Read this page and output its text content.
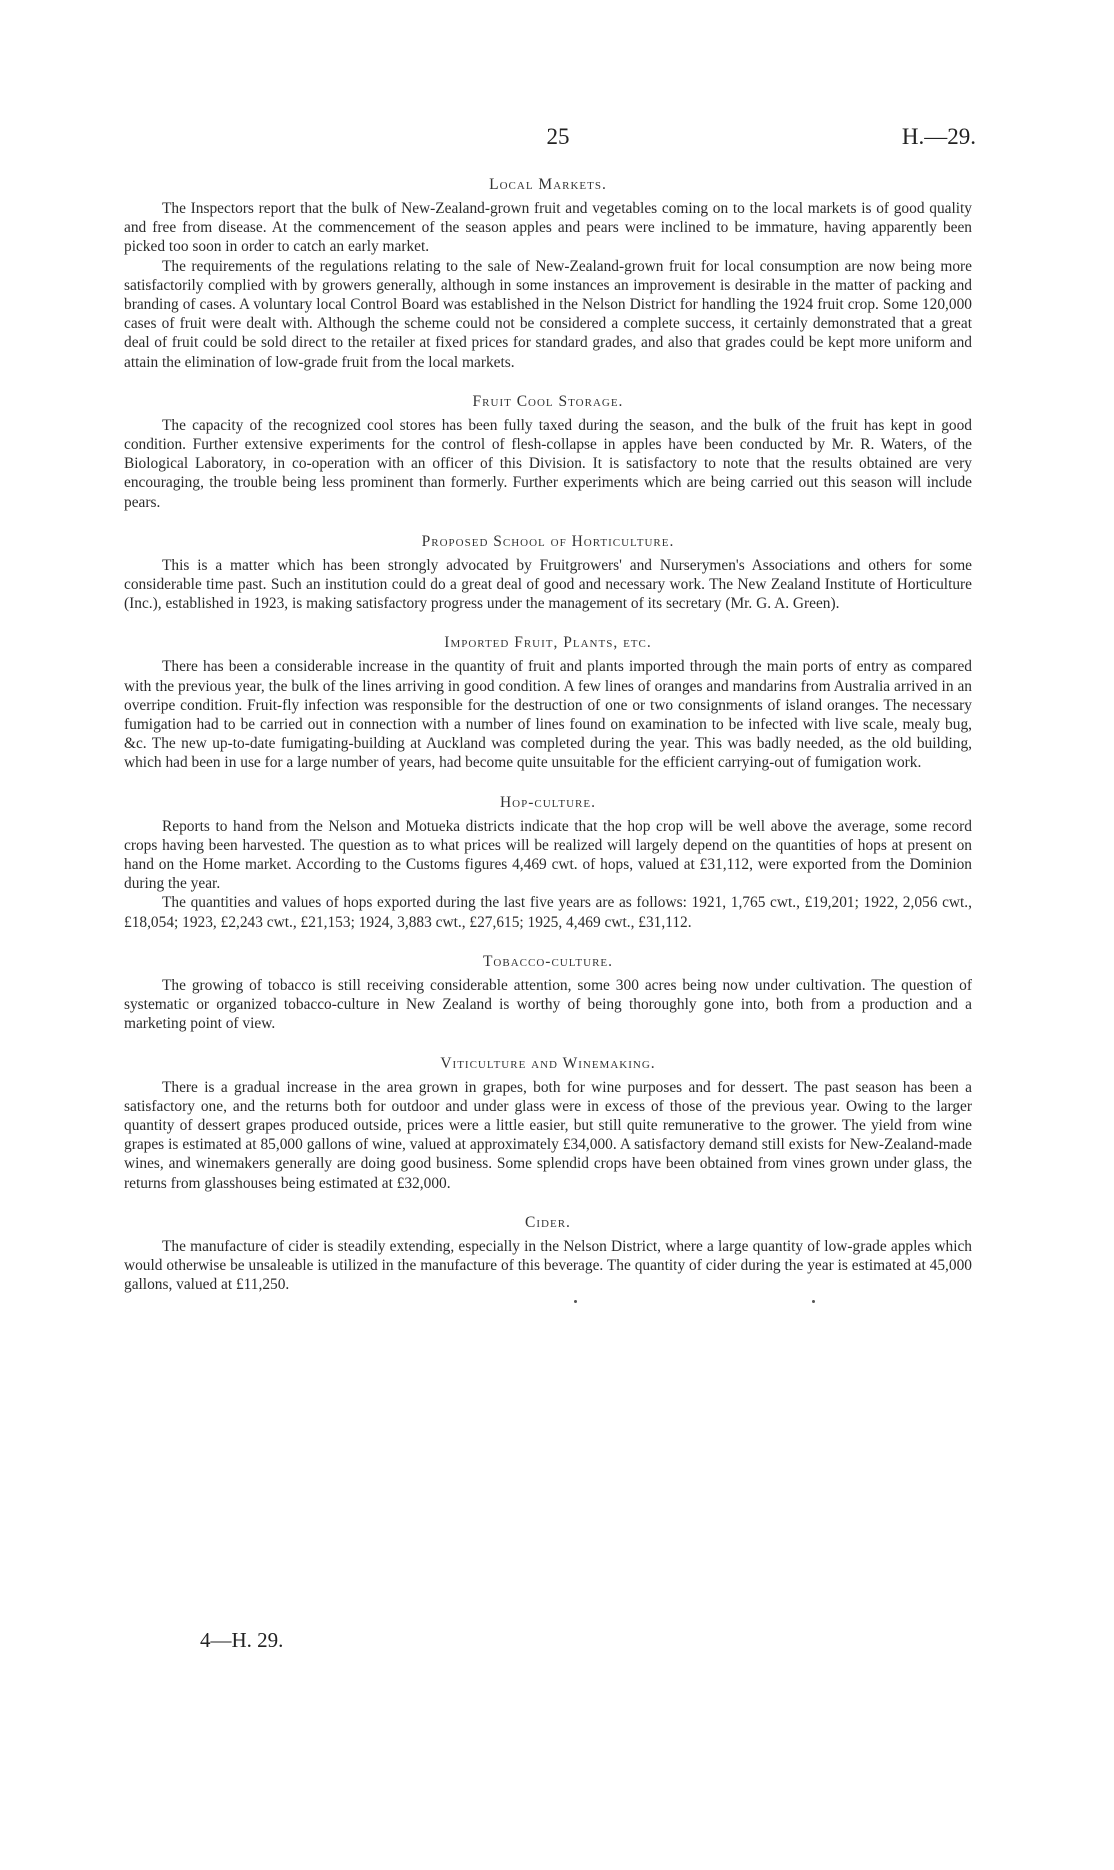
25	H.—29.
Local Markets.

The Inspectors report that the bulk of New-Zealand-grown fruit and vegetables coming on to the local markets is of good quality and free from disease. At the commencement of the season apples and pears were inclined to be immature, having apparently been picked too soon in order to catch an early market.

The requirements of the regulations relating to the sale of New-Zealand-grown fruit for local consumption are now being more satisfactorily complied with by growers generally, although in some instances an improvement is desirable in the matter of packing and branding of cases. A voluntary local Control Board was established in the Nelson District for handling the 1924 fruit crop. Some 120,000 cases of fruit were dealt with. Although the scheme could not be considered a complete success, it certainly demonstrated that a great deal of fruit could be sold direct to the retailer at fixed prices for standard grades, and also that grades could be kept more uniform and attain the elimination of low-grade fruit from the local markets.

Fruit Cool Storage.

The capacity of the recognized cool stores has been fully taxed during the season, and the bulk of the fruit has kept in good condition. Further extensive experiments for the control of flesh-collapse in apples have been conducted by Mr. R. Waters, of the Biological Laboratory, in co-operation with an officer of this Division. It is satisfactory to note that the results obtained are very encouraging, the trouble being less prominent than formerly. Further experiments which are being carried out this season will include pears.

Proposed School of Horticulture.

This is a matter which has been strongly advocated by Fruitgrowers' and Nurserymen's Associations and others for some considerable time past. Such an institution could do a great deal of good and necessary work. The New Zealand Institute of Horticulture (Inc.), established in 1923, is making satisfactory progress under the management of its secretary (Mr. G. A. Green).

Imported Fruit, Plants, etc.

There has been a considerable increase in the quantity of fruit and plants imported through the main ports of entry as compared with the previous year, the bulk of the lines arriving in good condition. A few lines of oranges and mandarins from Australia arrived in an overripe condition. Fruit-fly infection was responsible for the destruction of one or two consignments of island oranges. The necessary fumigation had to be carried out in connection with a number of lines found on examination to be infected with live scale, mealy bug, &c. The new up-to-date fumigating-building at Auckland was completed during the year. This was badly needed, as the old building, which had been in use for a large number of years, had become quite unsuitable for the efficient carrying-out of fumigation work.

Hop-culture.

Reports to hand from the Nelson and Motueka districts indicate that the hop crop will be well above the average, some record crops having been harvested. The question as to what prices will be realized will largely depend on the quantities of hops at present on hand on the Home market. According to the Customs figures 4,469 cwt. of hops, valued at £31,112, were exported from the Dominion during the year.

The quantities and values of hops exported during the last five years are as follows: 1921, 1,765 cwt., £19,201; 1922, 2,056 cwt., £18,054; 1923, £2,243 cwt., £21,153; 1924, 3,883 cwt., £27,615; 1925, 4,469 cwt., £31,112.

Tobacco-culture.

The growing of tobacco is still receiving considerable attention, some 300 acres being now under cultivation. The question of systematic or organized tobacco-culture in New Zealand is worthy of being thoroughly gone into, both from a production and a marketing point of view.

Viticulture and Winemaking.

There is a gradual increase in the area grown in grapes, both for wine purposes and for dessert. The past season has been a satisfactory one, and the returns both for outdoor and under glass were in excess of those of the previous year. Owing to the larger quantity of dessert grapes produced outside, prices were a little easier, but still quite remunerative to the grower. The yield from wine grapes is estimated at 85,000 gallons of wine, valued at approximately £34,000. A satisfactory demand still exists for New-Zealand-made wines, and winemakers generally are doing good business. Some splendid crops have been obtained from vines grown under glass, the returns from glasshouses being estimated at £32,000.

Cider.

The manufacture of cider is steadily extending, especially in the Nelson District, where a large quantity of low-grade apples which would otherwise be unsaleable is utilized in the manufacture of this beverage. The quantity of cider during the year is estimated at 45,000 gallons, valued at £11,250.

4—H. 29.
